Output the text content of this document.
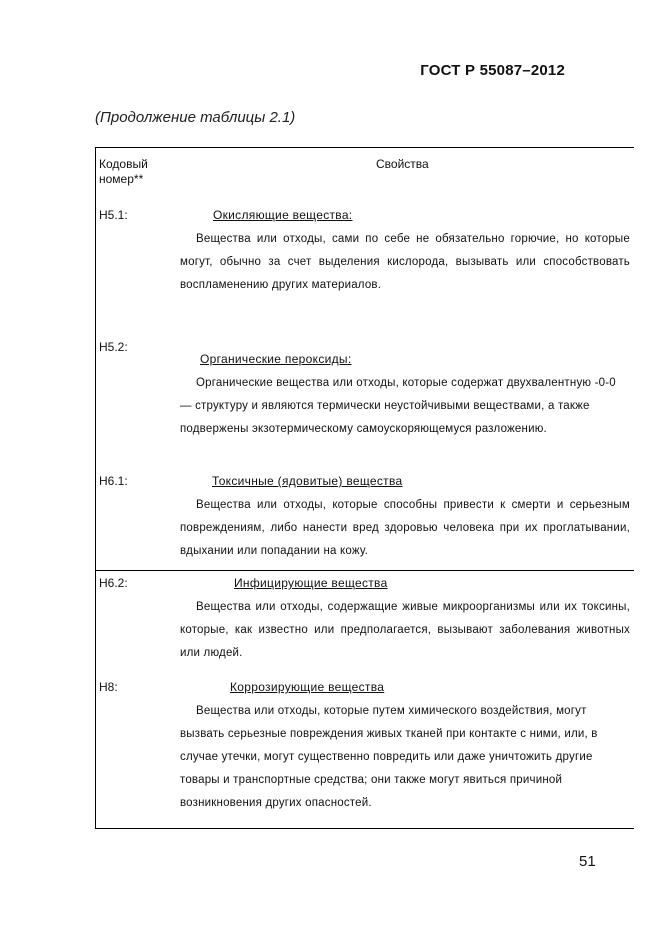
ГОСТ Р 55087–2012
(Продолжение таблицы 2.1)
Кодовый номер**
Свойства
Н5.1:	Окисляющие вещества:

Вещества или отходы, сами по себе не обязательно горючие, но которые могут, обычно за счет выделения кислорода, вызывать или способствовать воспламенению других материалов.

Н5.2:
Органические пероксиды:

Органические вещества или отходы, которые содержат двухвалентную -0-0 — структуру и являются термически неустойчивыми веществами, а также подвержены экзотермическому самоускоряющемуся разложению.

Н6.1:	Токсичные (ядовитые) вещества

Вещества или отходы, которые способны привести к смерти и серьезным повреждениям, либо нанести вред здоровью человека при их проглатывании, вдыхании или попадании на кожу.

Н6.2:	Инфицирующие вещества

Вещества или отходы, содержащие живые микроорганизмы или их токсины, которые, как известно или предполагается, вызывают заболевания животных или людей.

Н8:	Коррозирующие вещества

Вещества или отходы, которые путем химического воздействия, могут вызвать серьезные повреждения живых тканей при контакте с ними, или, в случае утечки, могут существенно повредить или даже уничтожить другие товары и транспортные средства; они также могут явиться причиной возникновения других опасностей.

51
